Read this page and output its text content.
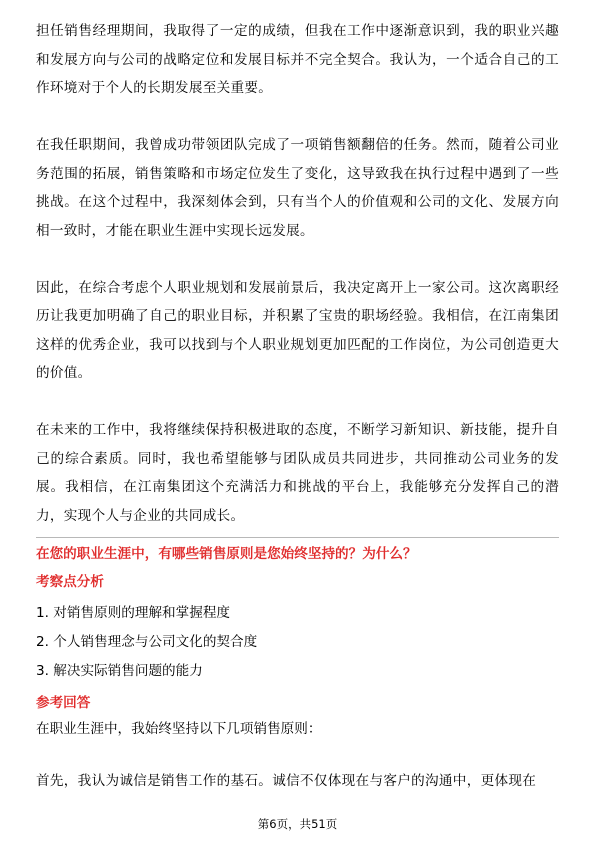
担任销售经理期间，我取得了一定的成绩，但我在工作中逐渐意识到，我的职业兴趣和发展方向与公司的战略定位和发展目标并不完全契合。我认为，一个适合自己的工作环境对于个人的长期发展至关重要。

在我任职期间，我曾成功带领团队完成了一项销售额翻倍的任务。然而，随着公司业务范围的拓展，销售策略和市场定位发生了变化，这导致我在执行过程中遇到了一些挑战。在这个过程中，我深刻体会到，只有当个人的价值观和公司的文化、发展方向相一致时，才能在职业生涯中实现长远发展。

因此，在综合考虑个人职业规划和发展前景后，我决定离开上一家公司。这次离职经历让我更加明确了自己的职业目标，并积累了宝贵的职场经验。我相信，在江南集团这样的优秀企业，我可以找到与个人职业规划更加匹配的工作岗位，为公司创造更大的价值。

在未来的工作中，我将继续保持积极进取的态度，不断学习新知识、新技能，提升自己的综合素质。同时，我也希望能够与团队成员共同进步，共同推动公司业务的发展。我相信，在江南集团这个充满活力和挑战的平台上，我能够充分发挥自己的潜力，实现个人与企业的共同成长。

在您的职业生涯中，有哪些销售原则是您始终坚持的？为什么？
考察点分析
1. 对销售原则的理解和掌握程度
2. 个人销售理念与公司文化的契合度
3. 解决实际销售问题的能力
参考回答
在职业生涯中，我始终坚持以下几项销售原则：
首先，我认为诚信是销售工作的基石。诚信不仅体现在与客户的沟通中，更体现在
第6页，共51页
